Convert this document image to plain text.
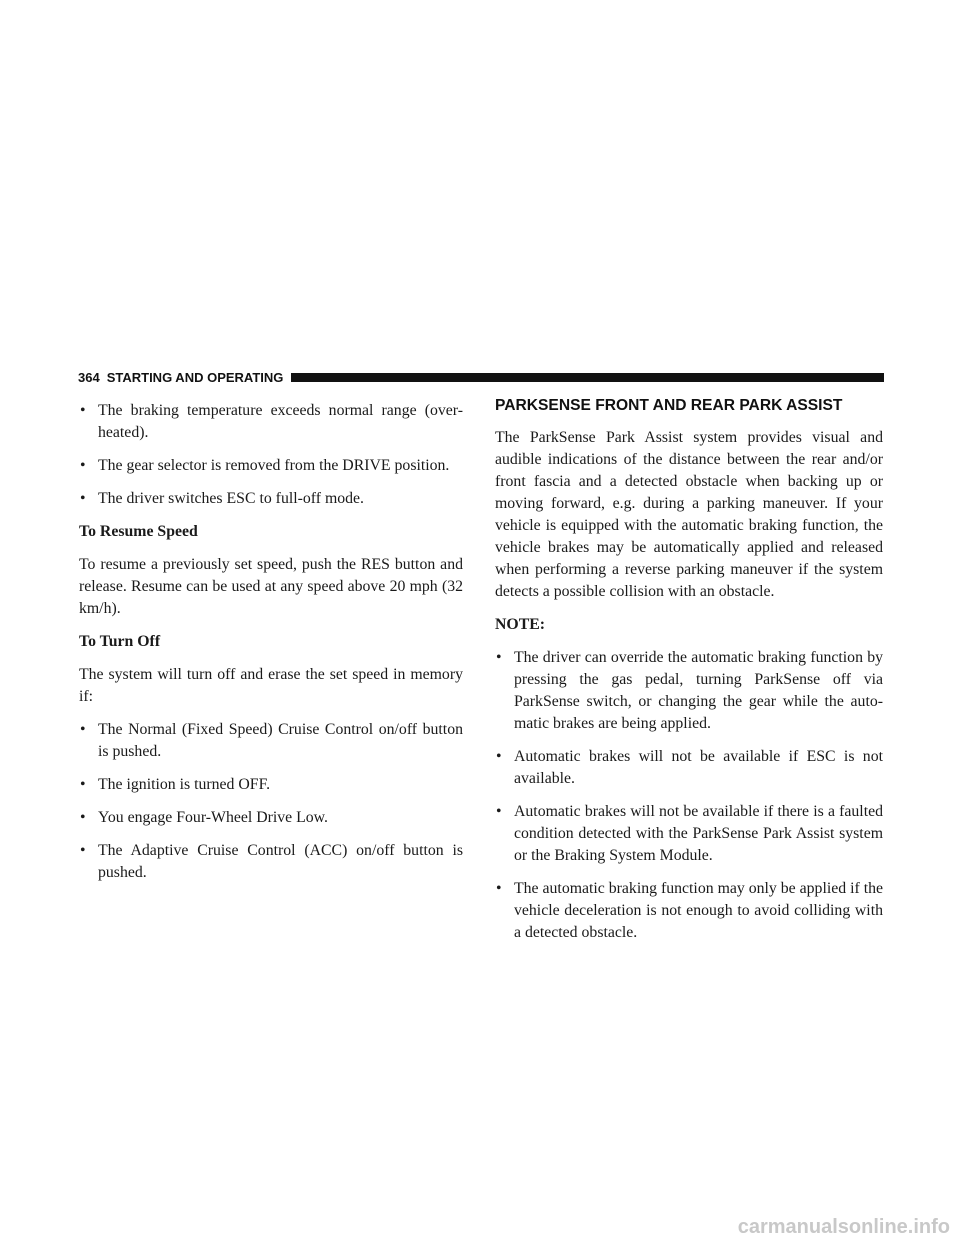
364 STARTING AND OPERATING
• The braking temperature exceeds normal range (over-heated).
• The gear selector is removed from the DRIVE position.
• The driver switches ESC to full-off mode.
To Resume Speed
To resume a previously set speed, push the RES button and release. Resume can be used at any speed above 20 mph (32 km/h).
To Turn Off
The system will turn off and erase the set speed in memory if:
• The Normal (Fixed Speed) Cruise Control on/off button is pushed.
• The ignition is turned OFF.
• You engage Four-Wheel Drive Low.
• The Adaptive Cruise Control (ACC) on/off button is pushed.
PARKSENSE FRONT AND REAR PARK ASSIST
The ParkSense Park Assist system provides visual and audible indications of the distance between the rear and/or front fascia and a detected obstacle when backing up or moving forward, e.g. during a parking maneuver. If your vehicle is equipped with the automatic braking function, the vehicle brakes may be automatically applied and released when performing a reverse parking maneuver if the system detects a possible collision with an obstacle.
NOTE:
• The driver can override the automatic braking function by pressing the gas pedal, turning ParkSense off via ParkSense switch, or changing the gear while the auto-matic brakes are being applied.
• Automatic brakes will not be available if ESC is not available.
• Automatic brakes will not be available if there is a faulted condition detected with the ParkSense Park Assist system or the Braking System Module.
• The automatic braking function may only be applied if the vehicle deceleration is not enough to avoid colliding with a detected obstacle.
carmanualsonline.info
